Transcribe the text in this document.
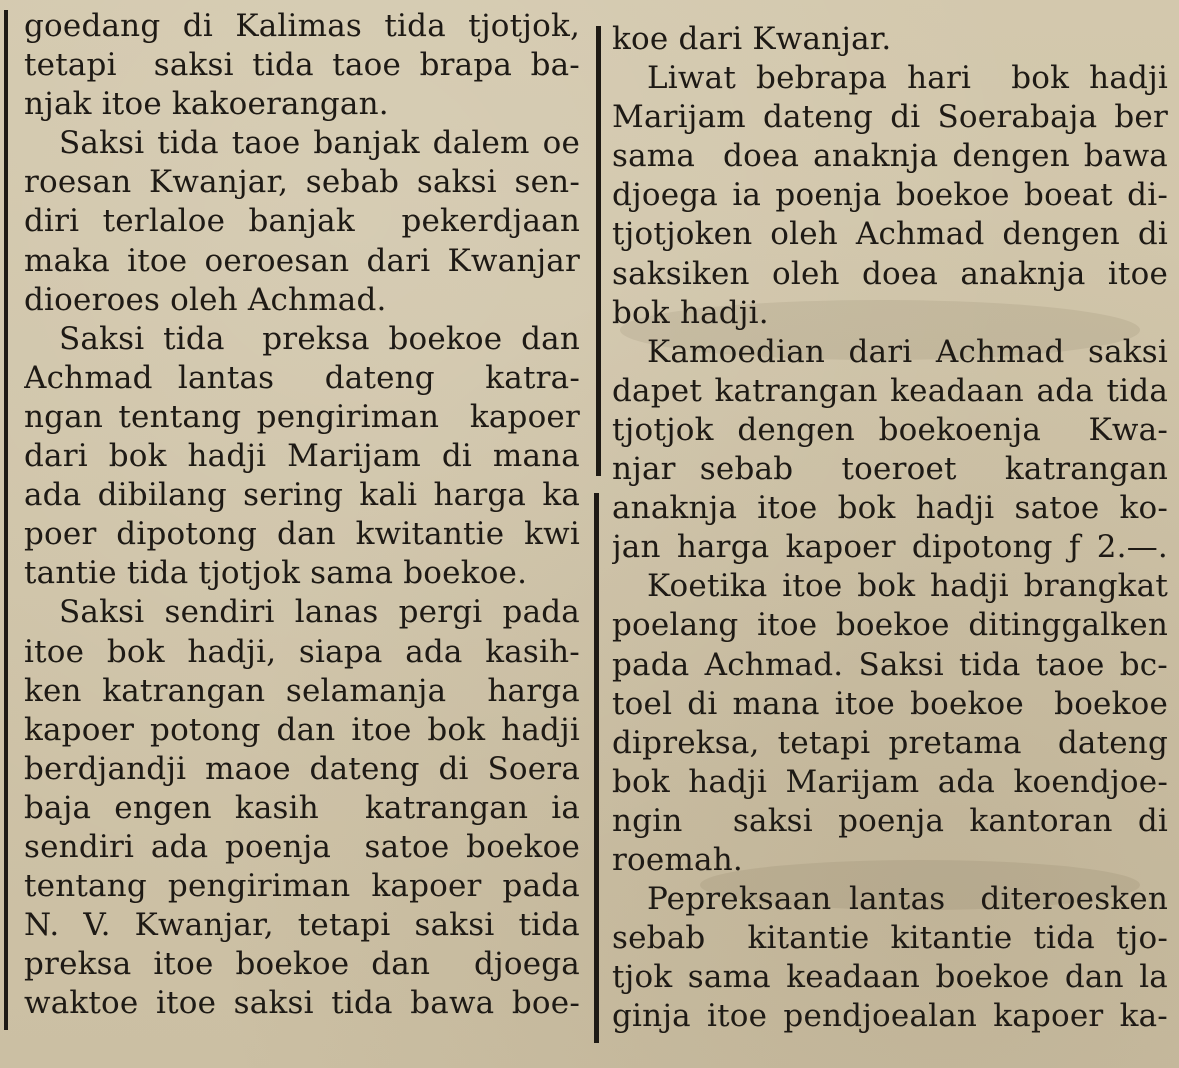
goedang di Kalimas tida tjotjok,
tetapi  saksi tida taoe brapa ba-
njak itoe kakoerangan.
Saksi tida taoe banjak dalem oe
roesan Kwanjar, sebab saksi sen-
diri terlaloe banjak  pekerdjaan
maka itoe oeroesan dari Kwanjar
dioeroes oleh Achmad.
Saksi tida  preksa boekoe dan
Achmad lantas  dateng  katra-
ngan tentang pengiriman  kapoer
dari bok hadji Marijam di mana
ada dibilang sering kali harga ka
poer dipotong dan kwitantie kwi
tantie tida tjotjok sama boekoe.
Saksi sendiri lanas pergi pada
itoe bok hadji, siapa ada kasih-
ken katrangan selamanja  harga
kapoer potong dan itoe bok hadji
berdjandji maoe dateng di Soera
baja engen kasih  katrangan ia
sendiri ada poenja  satoe boekoe
tentang pengiriman kapoer pada
N. V. Kwanjar, tetapi saksi tida
preksa itoe boekoe dan  djoega
waktoe itoe saksi tida bawa boe-
koe dari Kwanjar.
Liwat bebrapa hari  bok hadji
Marijam dateng di Soerabaja ber
sama  doea anaknja dengen bawa
djoega ia poenja boekoe boeat di-
tjotjoken oleh Achmad dengen di
saksiken oleh doea anaknja itoe
bok hadji.
Kamoedian dari Achmad saksi
dapet katrangan keadaan ada tida
tjotjok dengen boekoenja  Kwa-
njar sebab  toeroet  katrangan
anaknja itoe bok hadji satoe ko-
jan harga kapoer dipotong ƒ 2.—.
Koetika itoe bok hadji brangkat
poelang itoe boekoe ditinggalken
pada Achmad. Saksi tida taoe bc-
toel di mana itoe boekoe  boekoe
dipreksa, tetapi pretama  dateng
bok hadji Marijam ada koendjoe-
ngin  saksi poenja kantoran di
roemah.
Pepreksaan lantas  diteroesken
sebab  kitantie kitantie tida tjo-
tjok sama keadaan boekoe dan la
ginja itoe pendjoealan kapoer ka-
